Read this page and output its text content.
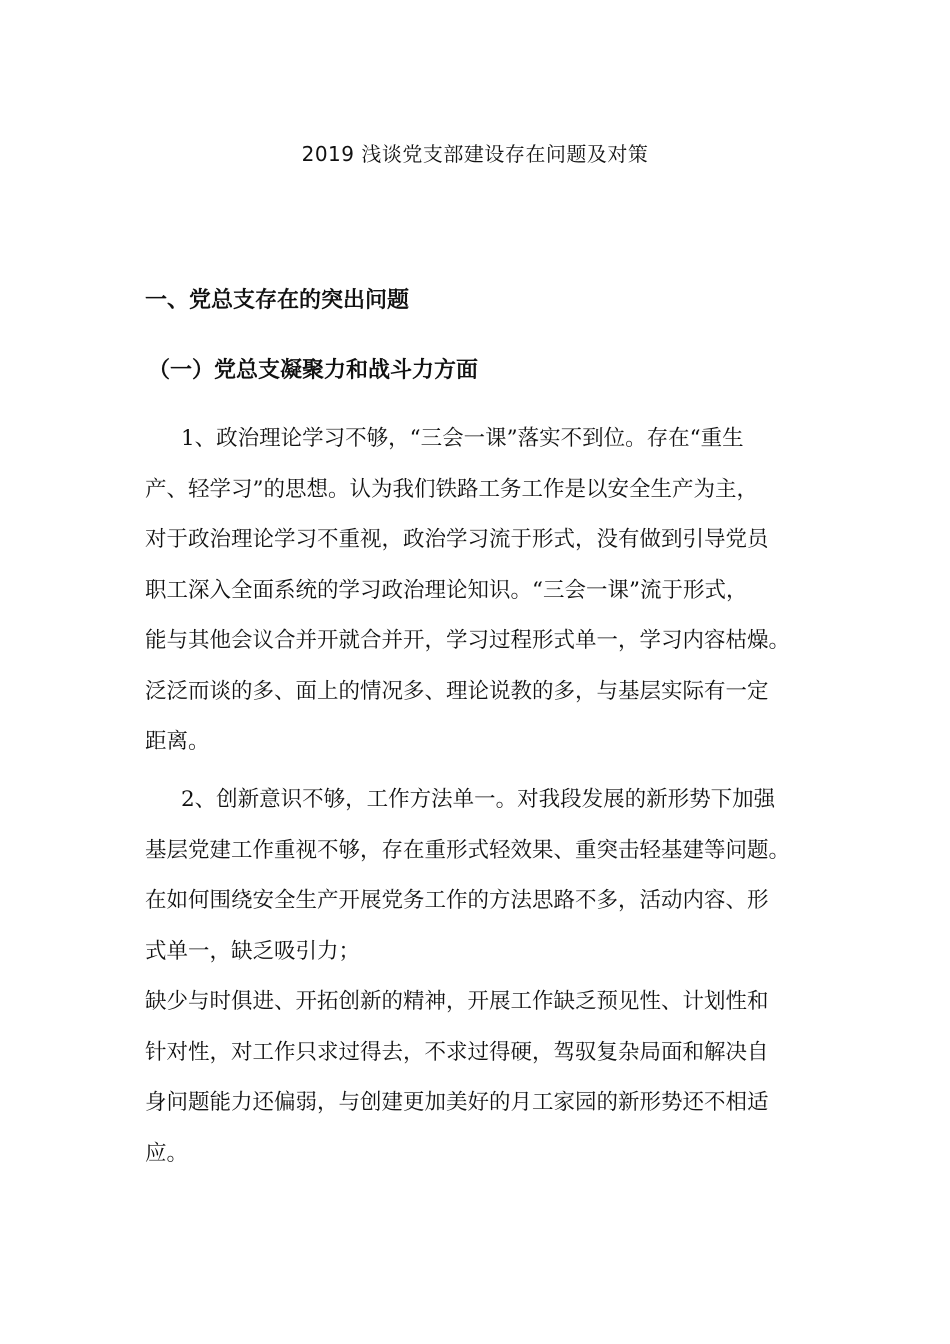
2019 浅谈党支部建设存在问题及对策
一、党总支存在的突出问题
（一）党总支凝聚力和战斗力方面
1、政治理论学习不够，“三会一课”落实不到位。存在“重生
产、轻学习”的思想。认为我们铁路工务工作是以安全生产为主，
对于政治理论学习不重视，政治学习流于形式，没有做到引导党员
职工深入全面系统的学习政治理论知识。“三会一课”流于形式，
能与其他会议合并开就合并开，学习过程形式单一，学习内容枯燥。
泛泛而谈的多、面上的情况多、理论说教的多，与基层实际有一定
距离。
2、创新意识不够，工作方法单一。对我段发展的新形势下加强
基层党建工作重视不够，存在重形式轻效果、重突击轻基建等问题。
在如何围绕安全生产开展党务工作的方法思路不多，活动内容、形
式单一，缺乏吸引力；
缺少与时俱进、开拓创新的精神，开展工作缺乏预见性、计划性和
针对性，对工作只求过得去，不求过得硬，驾驭复杂局面和解决自
身问题能力还偏弱，与创建更加美好的月工家园的新形势还不相适
应。
